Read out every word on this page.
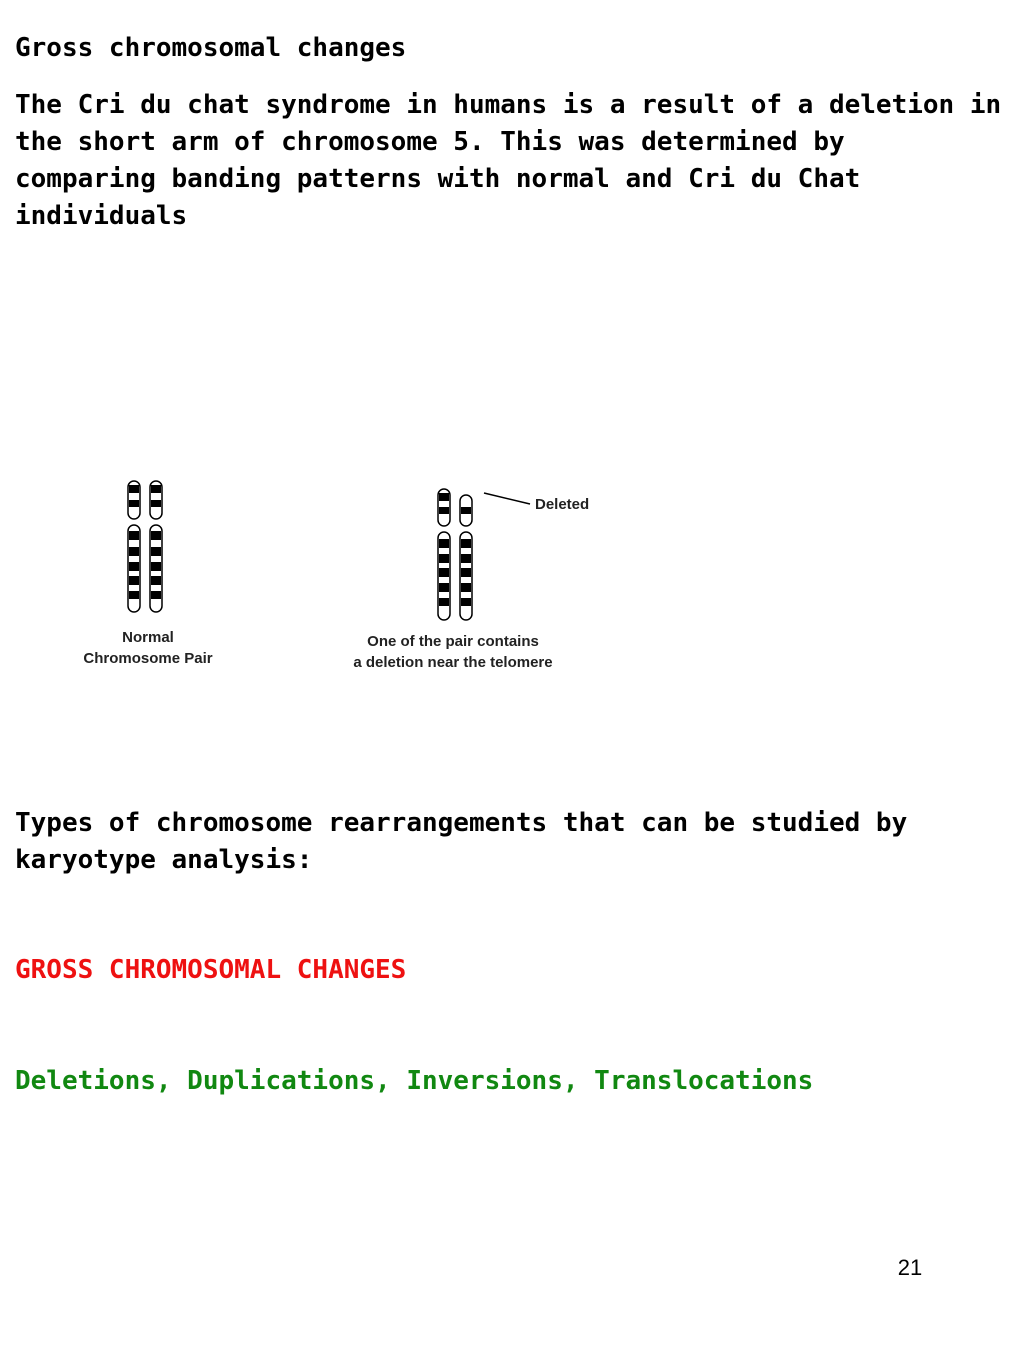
Gross chromosomal changes
The Cri du chat syndrome in humans is a result of a deletion in
the short arm of chromosome 5. This was determined by
comparing banding patterns with normal and Cri du Chat
individuals
Deleted
Normal
Chromosome Pair
One of the pair contains
a deletion near the telomere
Types of chromosome rearrangements that can be studied by
karyotype analysis:
GROSS CHROMOSOMAL CHANGES
Deletions, Duplications, Inversions, Translocations
21
